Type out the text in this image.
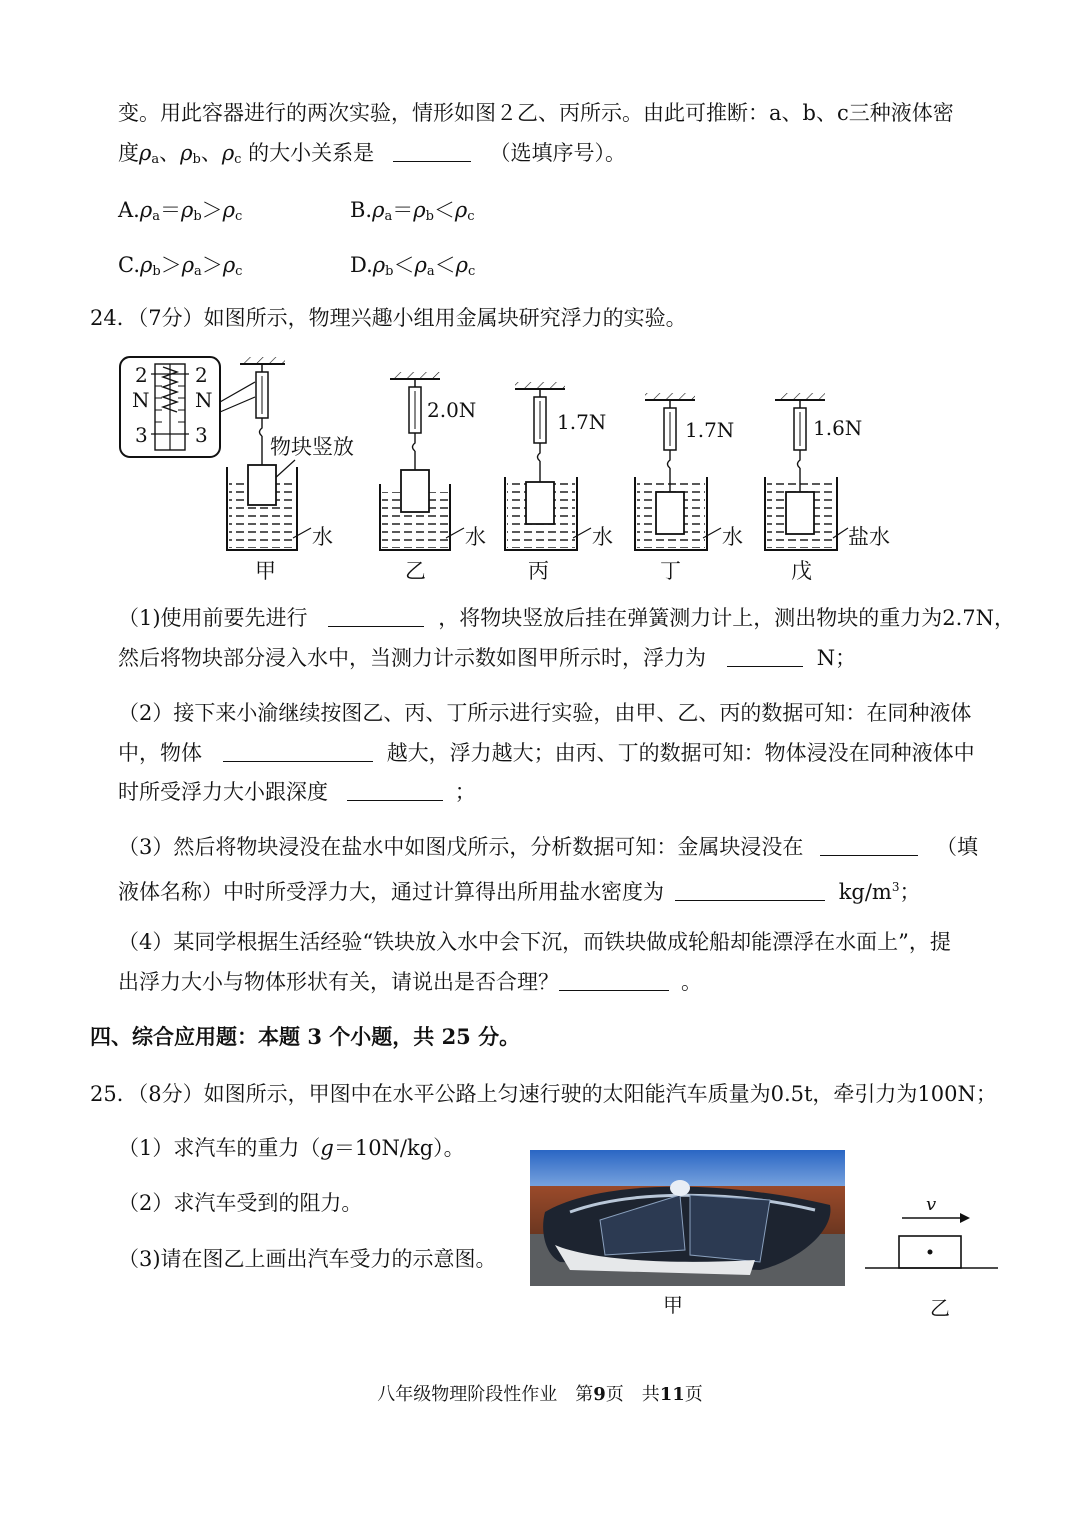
变。用此容器进行的两次实验，情形如图２乙、丙所示。由此可推断：a、b、c三种液体密
度$\rho_a$、$\rho_b$、$\rho_c$ 的大小关系是	（选填序号）。
$A.\rho_a=\rho_b>\rho_c$	$B.\rho_a=\rho_b<\rho_c$
$C.\rho_b>\rho_a>\rho_c$	$D.\rho_b<\rho_a<\rho_c$
24．（7分）如图所示，物理兴趣小组用金属块研究浮力的实验。
2
N
3
2
N
3	物块竖放
水
甲
2.0N
水
乙
1.7N
水
丙
1.7N
水
丁
1.6N
盐水
戊
（1)使用前要先进行	，将物块竖放后挂在弹簧测力计上，测出物块的重力为2.7N，
然后将物块部分浸入水中，当测力计示数如图甲所示时，浮力为	N；
（2）接下来小渝继续按图乙、丙、丁所示进行实验，由甲、乙、丙的数据可知：在同种液体
中，物体	越大，浮力越大；由丙、丁的数据可知：物体浸没在同种液体中
时所受浮力大小跟深度	；
（3）然后将物块浸没在盐水中如图戊所示，分析数据可知：金属块浸没在	（填
液体名称）中时所受浮力大，通过计算得出所用盐水密度为	$kg/m^3$；
（4）某同学根据生活经验“铁块放入水中会下沉，而铁块做成轮船却能漂浮在水面上”，提
出浮力大小与物体形状有关，请说出是否合理？	。
四、综合应用题：本题 3 个小题，共 25 分。
25．（8分）如图所示，甲图中在水平公路上匀速行驶的太阳能汽车质量为0.5t，牵引力为100N；
（1）求汽车的重力（g＝10N/kg）。
（2）求汽车受到的阻力。
（3)请在图乙上画出汽车受力的示意图。
甲
v
乙
八年级物理阶段性作业　第9页　共11页
